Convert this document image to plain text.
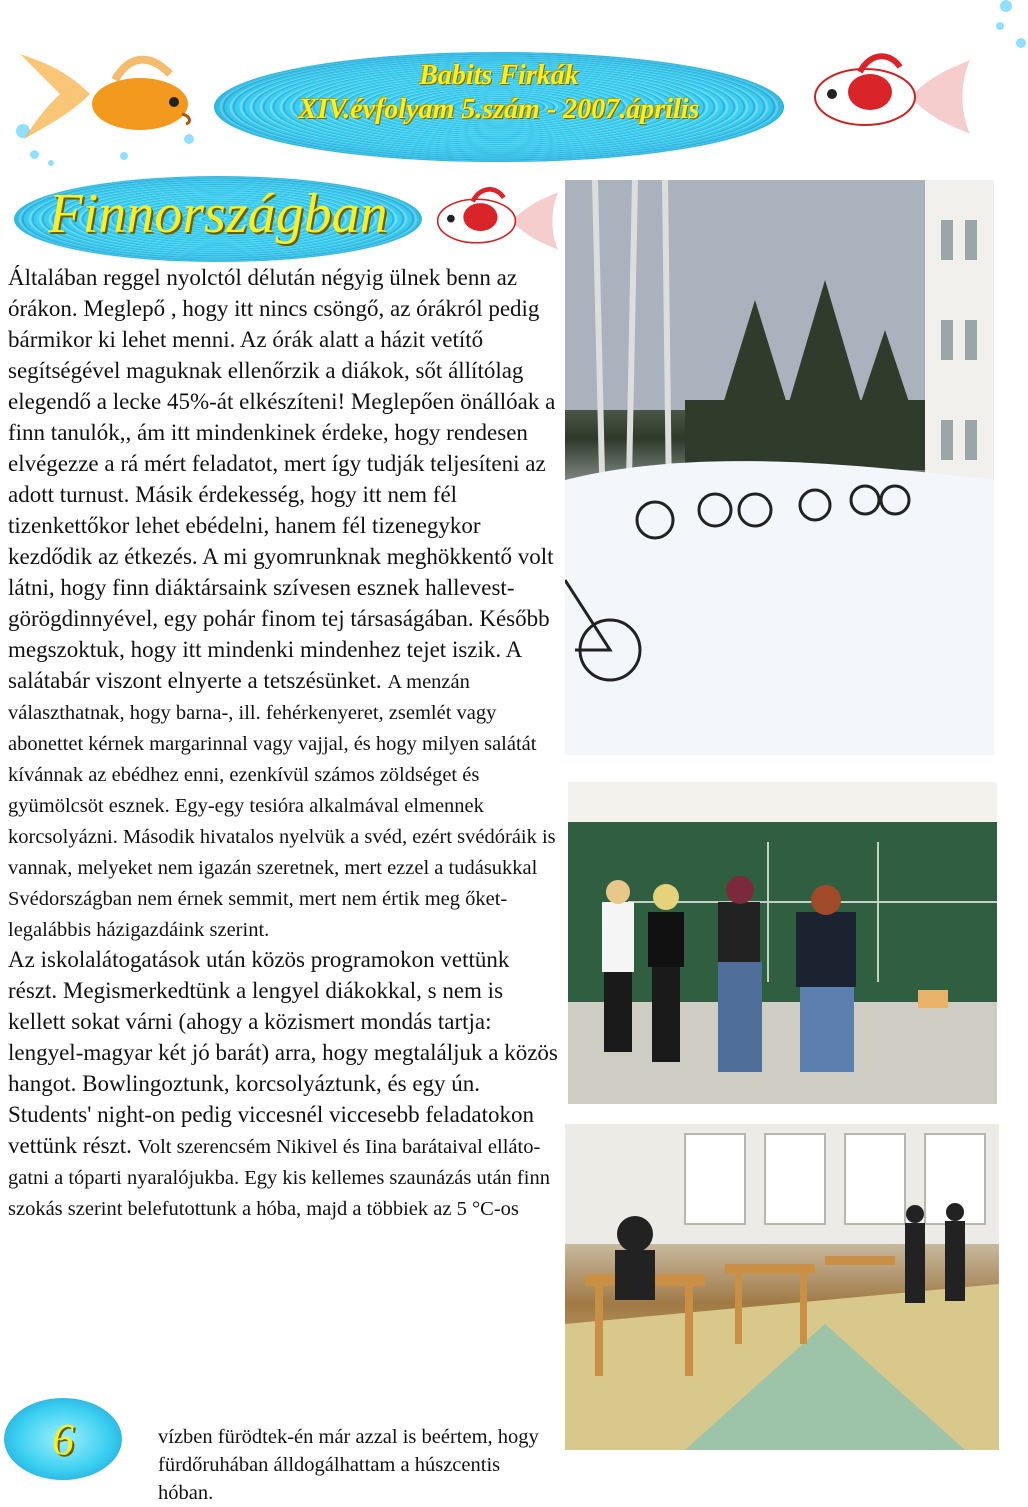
Babits Firkák
XIV.évfolyam 5.szám - 2007.április
Finnországban

Általában reggel nyolctól délután négyig ülnek benn az órákon. Meglepő , hogy itt nincs csöngő, az órákról pedig bármikor ki lehet menni. Az órák alatt a házit vetítő segítségével maguknak ellenőrzik a diákok, sőt állítólag elegendő a lecke 45%-át elkészíteni! Meglepően önállóak a finn tanulók,, ám itt mindenkinek érdeke, hogy rendesen elvégezze a rá mért feladatot, mert így tudják teljesíteni az adott turnust. Másik érdekesség, hogy itt nem fél tizenkettőkor lehet ebédelni, hanem fél tizenegykor kezdődik az étkezés. A mi gyomrunknak meghökkentő volt látni, hogy finn diáktársaink szívesen esznek hallevest-görögdinnyével, egy pohár finom tej társaságában. Később megszoktuk, hogy itt mindenki mindenhez tejet iszik. A salátabár viszont elnyerte a tetszésünket. A menzán választhatnak, hogy barna-, ill. fehérkenyeret, zsemlét vagy abonettet kérnek margarinnal vagy vajjal, és hogy milyen salátát kívánnak az ebédhez enni, ezenkívül számos zöldséget és gyümölcsöt esznek. Egy-egy tesióra alkalmával elmennek korcsolyázni. Második hivatalos nyelvük a svéd, ezért svédóráik is vannak, melyeket nem igazán szeretnek, mert ezzel a tudásukkal Svédországban nem érnek semmit, mert nem értik meg őket- legalábbis házigazdáink szerint.

Az iskolalátogatások után közös programokon vettünk részt. Megismerkedtünk a lengyel diákokkal, s nem is kellett sokat várni (ahogy a közismert mondás tartja: lengyel-magyar két jó barát) arra, hogy megtaláljuk a közös hangot. Bowlingoztunk, korcsolyáztunk, és egy ún. Students' night-on pedig viccesnél viccesebb feladatokon vettünk részt. Volt szerencsém Nikivel és Iina barátaival ellátogatni a tóparti nyaralójukba. Egy kis kellemes szaunázás után finn szokás szerint belefutottunk a hóba, majd a többiek az 5 °C-os

vízben fürödtek-én már azzal is beértem, hogy fürdőruhában álldogálhattam a húszcentis hóban.

6
